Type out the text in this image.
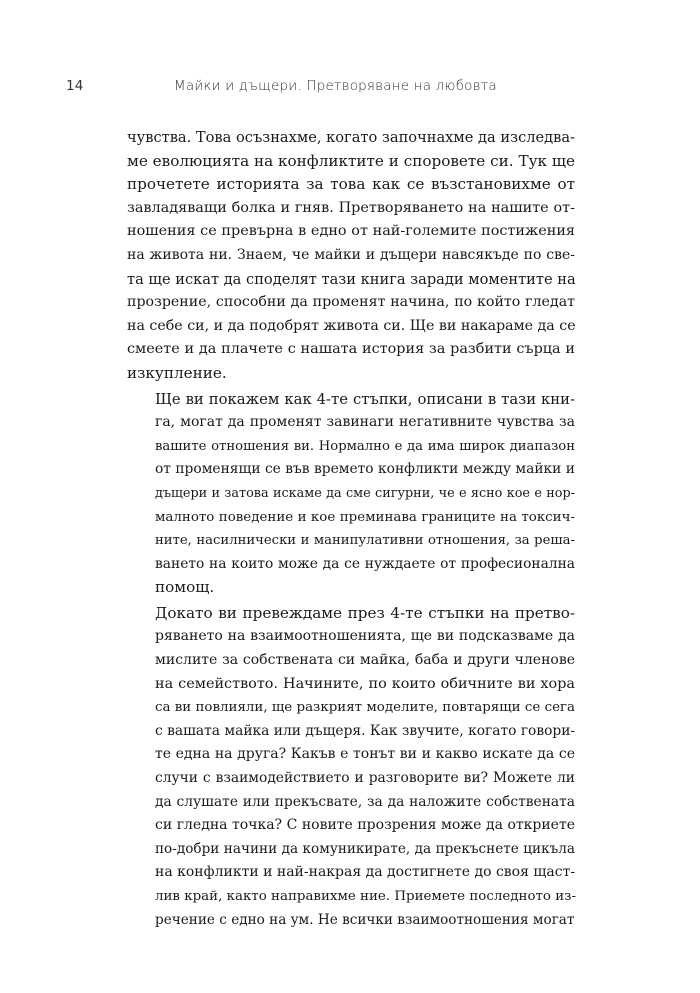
14	Майки и дъщери. Претворяване на любовта

чувства. Това осъзнахме, когато започнахме да изследва-
ме еволюцията на конфликтите и споровете си. Тук ще
прочетете историята за това как се възстановихме от
завладяващи болка и гняв. Претворяването на нашите от-
ношения се превърна в едно от най-големите постижения
на живота ни. Знаем, че майки и дъщери навсякъде по све-
та ще искат да споделят тази книга заради моментите на
прозрение, способни да променят начина, по който гледат
на себе си, и да подобрят живота си. Ще ви накараме да се
смеете и да плачете с нашата история за разбити сърца и
изкупление.

Ще ви покажем как 4-те стъпки, описани в тази кни-
га, могат да променят завинаги негативните чувства за
вашите отношения ви. Нормално е да има широк диапазон
от променящи се във времето конфликти между майки и
дъщери и затова искаме да сме сигурни, че е ясно кое е нор-
малното поведение и кое преминава границите на токсич-
ните, насилнически и манипулативни отношения, за реша-
ването на които може да се нуждаете от професионална
помощ.

Докато ви превеждаме през 4-те стъпки на претво-
ряването на взаимоотношенията, ще ви подсказваме да
мислите за собствената си майка, баба и други членове
на семейството. Начините, по които обичните ви хора
са ви повлияли, ще разкрият моделите, повтарящи се сега
с вашата майка или дъщеря. Как звучите, когато говори-
те една на друга? Какъв е тонът ви и какво искате да се
случи с взаимодействието и разговорите ви? Можете ли
да слушате или прекъсвате, за да наложите собствената
си гледна точка? С новите прозрения може да откриете
по-добри начини да комуникирате, да прекъснете цикъла
на конфликти и най-накрая да достигнете до своя щаст-
лив край, както направихме ние. Приемете последното из-
речение с едно на ум. Не всички взаимоотношения могат
